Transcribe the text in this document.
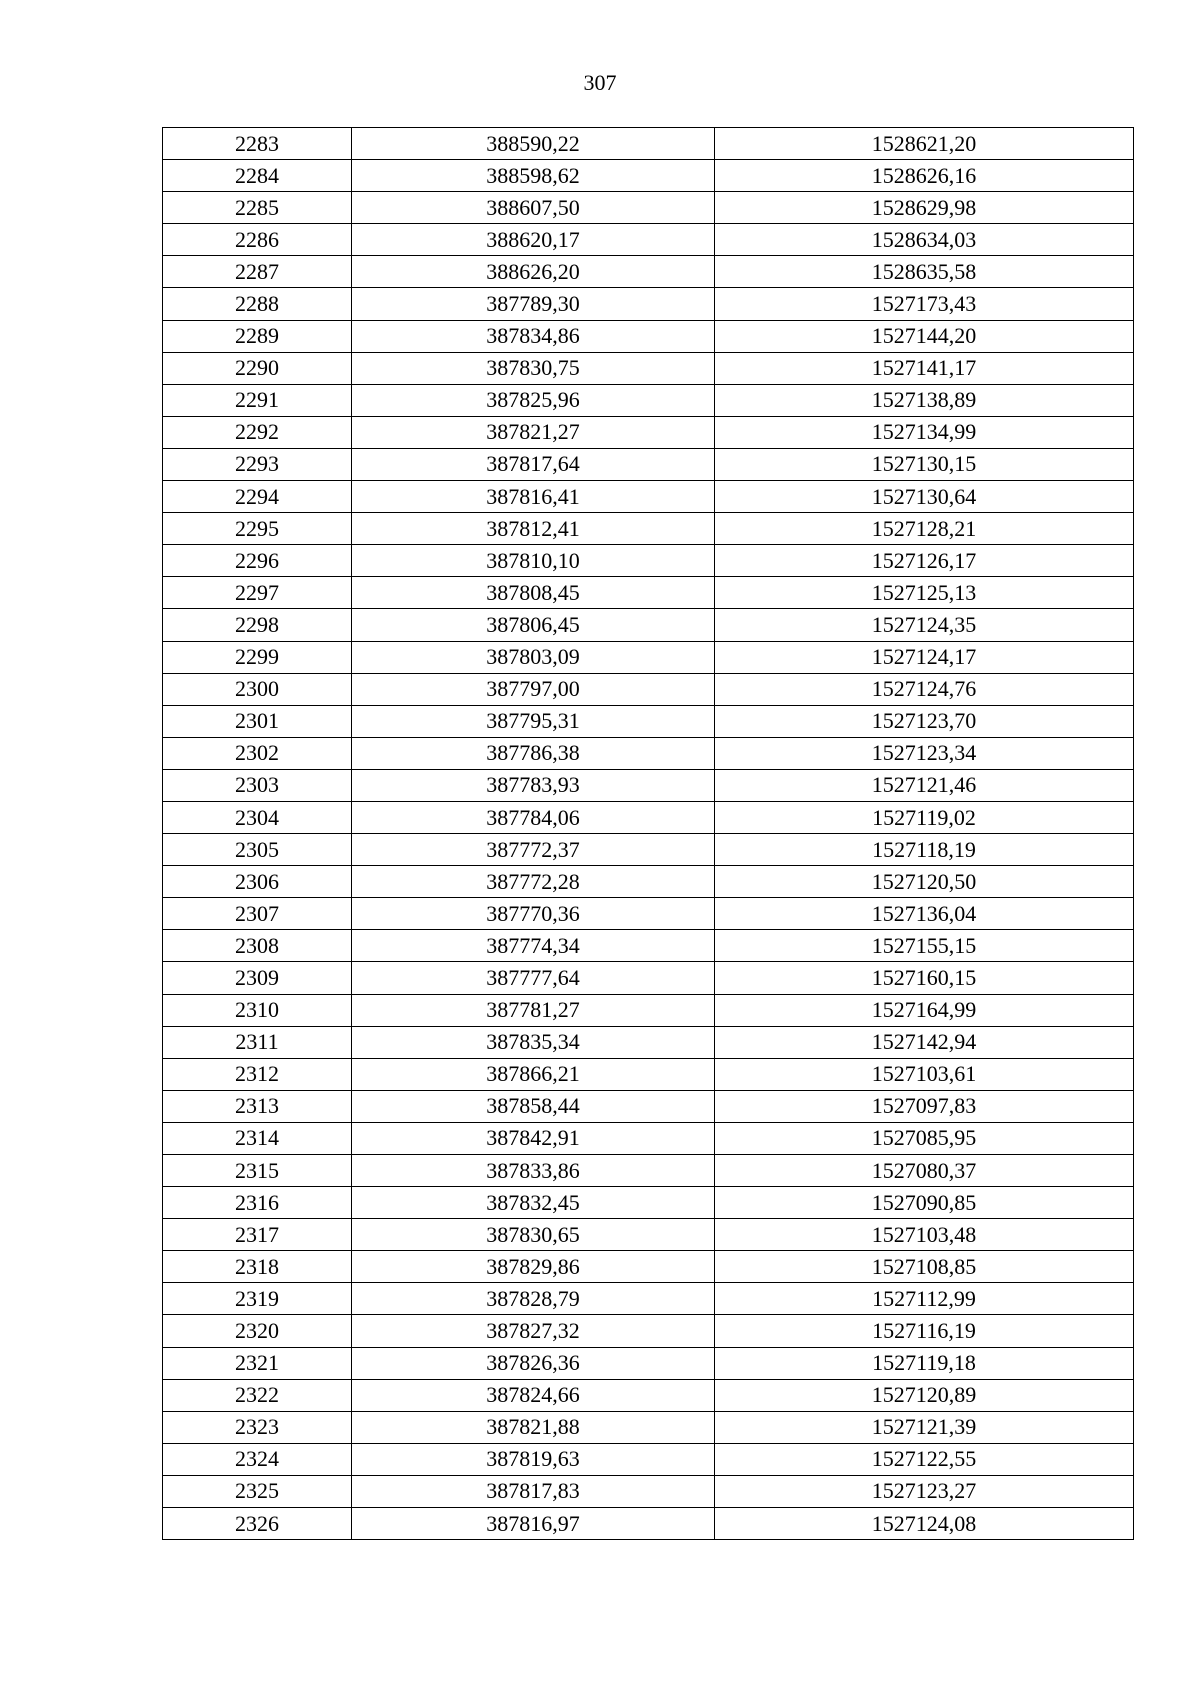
307
2283	388590,22	1528621,20
2284	388598,62	1528626,16
2285	388607,50	1528629,98
2286	388620,17	1528634,03
2287	388626,20	1528635,58
2288	387789,30	1527173,43
2289	387834,86	1527144,20
2290	387830,75	1527141,17
2291	387825,96	1527138,89
2292	387821,27	1527134,99
2293	387817,64	1527130,15
2294	387816,41	1527130,64
2295	387812,41	1527128,21
2296	387810,10	1527126,17
2297	387808,45	1527125,13
2298	387806,45	1527124,35
2299	387803,09	1527124,17
2300	387797,00	1527124,76
2301	387795,31	1527123,70
2302	387786,38	1527123,34
2303	387783,93	1527121,46
2304	387784,06	1527119,02
2305	387772,37	1527118,19
2306	387772,28	1527120,50
2307	387770,36	1527136,04
2308	387774,34	1527155,15
2309	387777,64	1527160,15
2310	387781,27	1527164,99
2311	387835,34	1527142,94
2312	387866,21	1527103,61
2313	387858,44	1527097,83
2314	387842,91	1527085,95
2315	387833,86	1527080,37
2316	387832,45	1527090,85
2317	387830,65	1527103,48
2318	387829,86	1527108,85
2319	387828,79	1527112,99
2320	387827,32	1527116,19
2321	387826,36	1527119,18
2322	387824,66	1527120,89
2323	387821,88	1527121,39
2324	387819,63	1527122,55
2325	387817,83	1527123,27
2326	387816,97	1527124,08
